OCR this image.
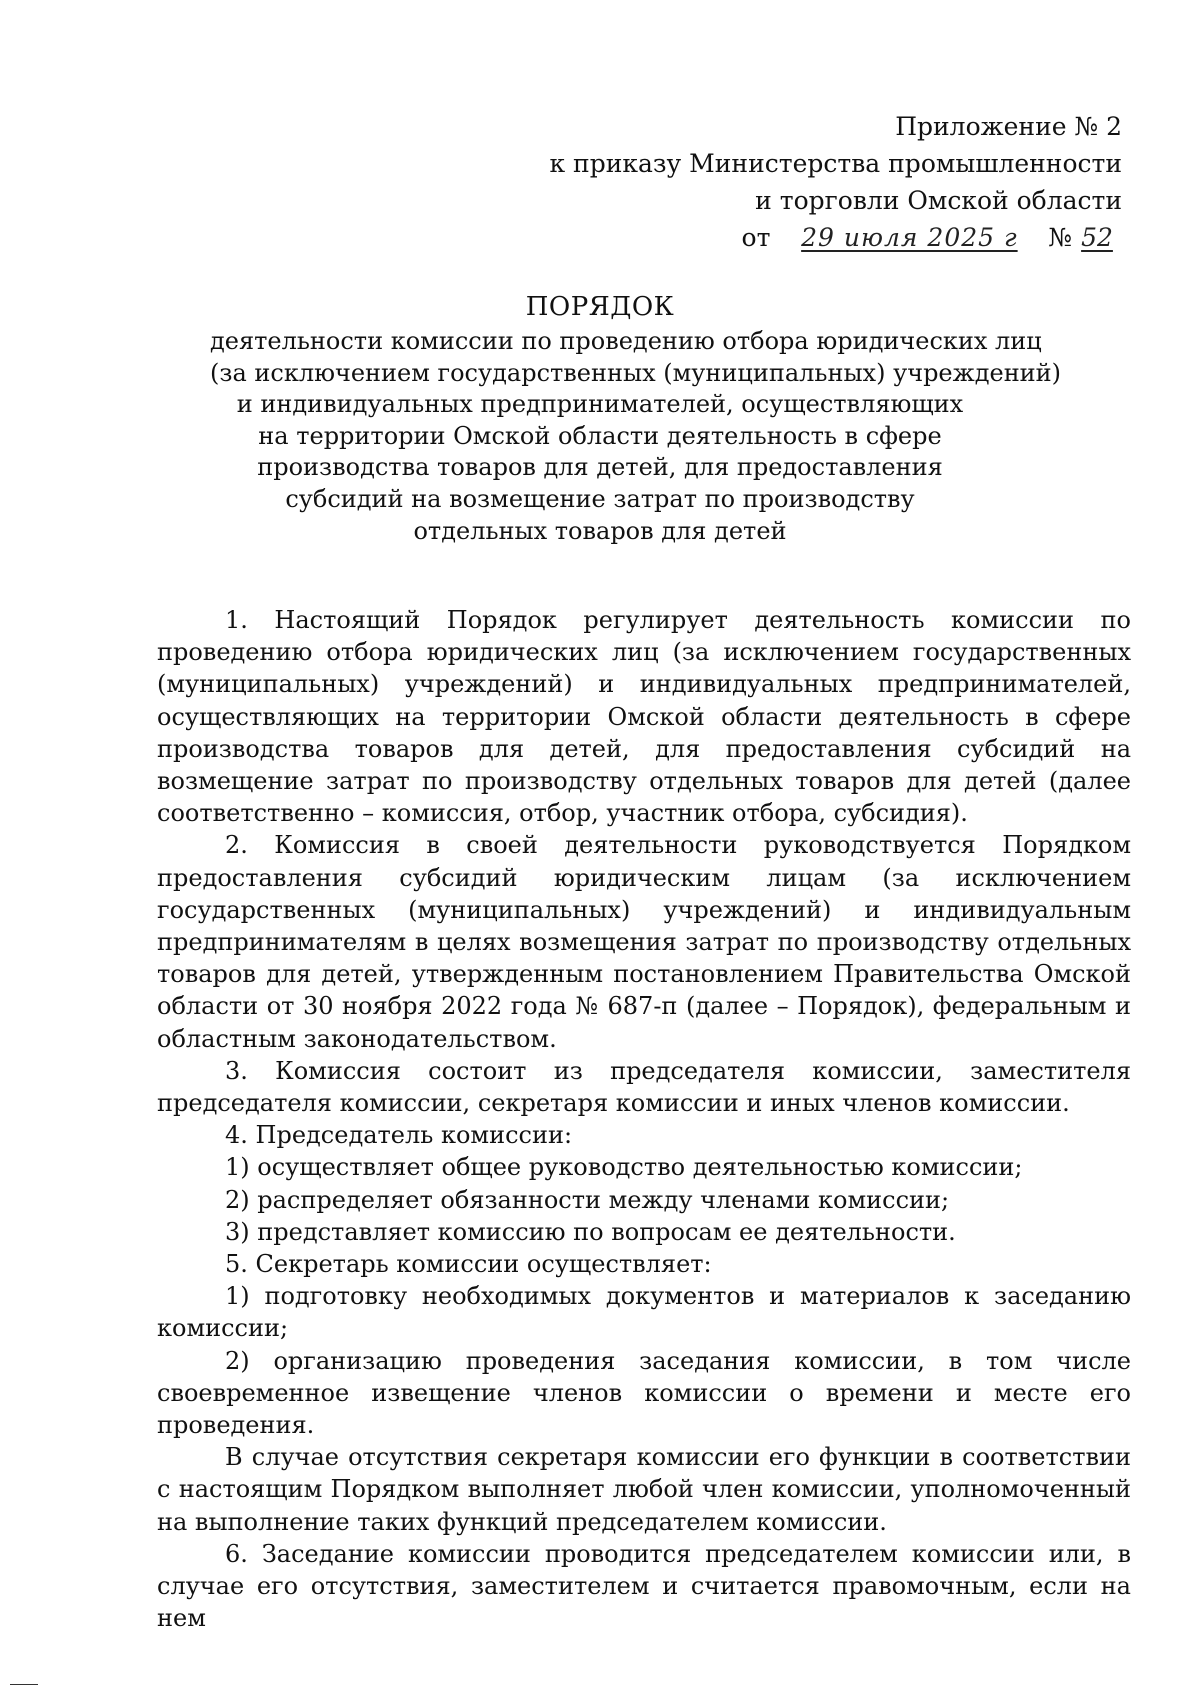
Приложение № 2
к приказу Министерства промышленности
и торговли Омской области
от 29 июля 2025 г № 52
ПОРЯДОК
деятельности комиссии по проведению отбора юридических лиц
(за исключением государственных (муниципальных) учреждений)
и индивидуальных предпринимателей, осуществляющих
на территории Омской области деятельность в сфере
производства товаров для детей, для предоставления
субсидий на возмещение затрат по производству
отдельных товаров для детей

1. Настоящий Порядок регулирует деятельность комиссии по проведению отбора юридических лиц (за исключением государственных (муниципальных) учреждений) и индивидуальных предпринимателей, осуществляющих на территории Омской области деятельность в сфере производства товаров для детей, для предоставления субсидий на возмещение затрат по производству отдельных товаров для детей (далее соответственно – комиссия, отбор, участник отбора, субсидия).

2. Комиссия в своей деятельности руководствуется Порядком предоставления субсидий юридическим лицам (за исключением государственных (муниципальных) учреждений) и индивидуальным предпринимателям в целях возмещения затрат по производству отдельных товаров для детей, утвержденным постановлением Правительства Омской области от 30 ноября 2022 года № 687-п (далее – Порядок), федеральным и областным законодательством.

3. Комиссия состоит из председателя комиссии, заместителя председателя комиссии, секретаря комиссии и иных членов комиссии.

4. Председатель комиссии:

1) осуществляет общее руководство деятельностью комиссии;

2) распределяет обязанности между членами комиссии;

3) представляет комиссию по вопросам ее деятельности.

5. Секретарь комиссии осуществляет:

1) подготовку необходимых документов и материалов к заседанию комиссии;

2) организацию проведения заседания комиссии, в том числе своевременное извещение членов комиссии о времени и месте его проведения.

В случае отсутствия секретаря комиссии его функции в соответствии с настоящим Порядком выполняет любой член комиссии, уполномоченный на выполнение таких функций председателем комиссии.

6. Заседание комиссии проводится председателем комиссии или, в случае его отсутствия, заместителем и считается правомочным, если на нем
